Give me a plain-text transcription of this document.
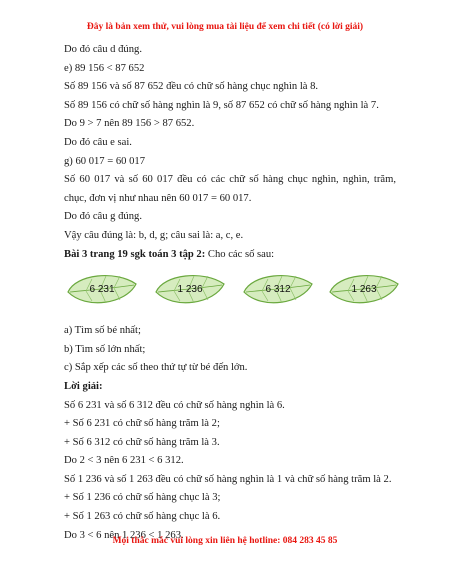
Đây là bản xem thử, vui lòng mua tài liệu để xem chi tiết (có lời giải)
Do đó câu d đúng.
e) 89 156 < 87 652
Số 89 156 và số 87 652 đều có chữ số hàng chục nghìn là 8.
Số 89 156 có chữ số hàng nghìn là 9, số 87 652 có chữ số hàng nghìn là 7.
Do 9 > 7 nên 89 156 > 87 652.
Do đó câu e sai.
g) 60 017 = 60 017
Số 60 017 và số 60 017 đều có các chữ số hàng chục nghìn, nghìn, trăm, chục, đơn vị như nhau nên 60 017 = 60 017.
Do đó câu g đúng.
Vậy câu đúng là: b, d, g; câu sai là: a, c, e.
Bài 3 trang 19 sgk toán 3 tập 2: Cho các số sau:
6 231	1 236	6 312	1 263
a) Tìm số bé nhất;
b) Tìm số lớn nhất;
c) Sắp xếp các số theo thứ tự từ bé đến lớn.
Lời giải:
Số 6 231 và số 6 312 đều có chữ số hàng nghìn là 6.
+ Số 6 231 có chữ số hàng trăm là 2;
+ Số 6 312 có chữ số hàng trăm là 3.
Do 2 < 3 nên 6 231 < 6 312.
Số 1 236 và số 1 263 đều có chữ số hàng nghìn là 1 và chữ số hàng trăm là 2.
+ Số 1 236 có chữ số hàng chục là 3;
+ Số 1 263 có chữ số hàng chục là 6.
Do 3 < 6 nên 1 236 < 1 263.
Mọi thắc mắc vui lòng xin liên hệ hotline: 084 283 45 85
